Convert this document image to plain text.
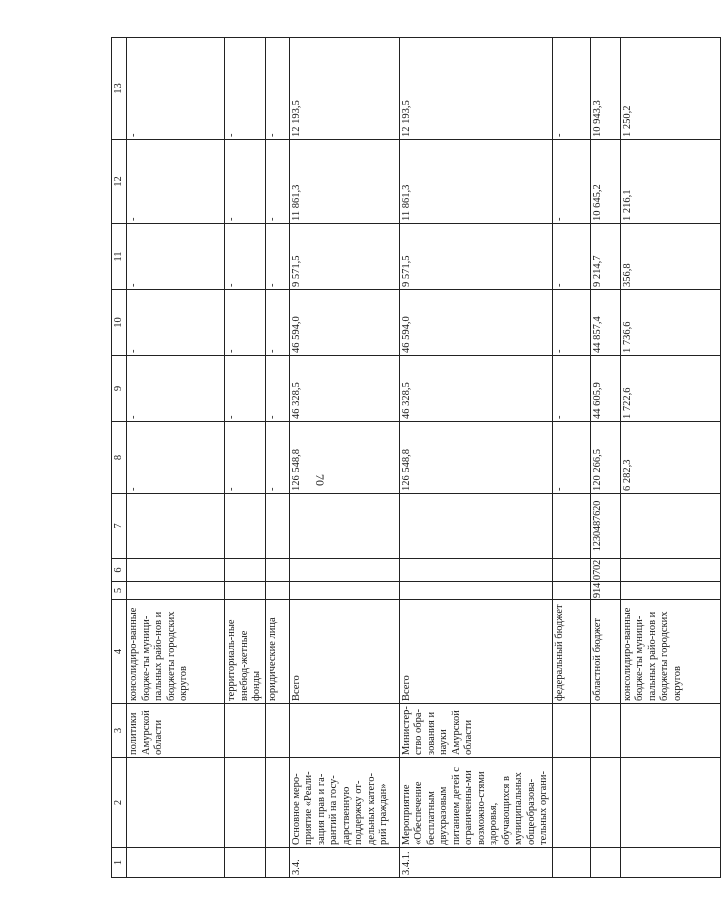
70
1	2	3	4	5	6	7	8	9	10	11	12	13
		политики Амурской области	консолидиро-ванные бюдже-ты муници-пальных райо-нов и бюджеты городских округов				-	-	-	-	-	-
			территориаль-ные внебюд-жетные фонды				-	-	-	-	-	-
			юридические лица				-	-	-	-	-	-
3.4.	Основное меро-приятие «Реали-зация прав и га-рантий на госу-дарственную поддержку от-дельных катего-рий граждан»		Всего				126 548,8	46 328,5	46 594,0	9 571,5	11 861,3	12 193,5
3.4.1.	Мероприятие «Обеспечение бесплатным двухразовым питанием детей с ограниченны-ми возможно-стями здоровья, обучающихся в муниципальных общеобразова-тельных органи-	Министер-ство обра-зования и науки Амурской области	Всего				126 548,8	46 328,5	46 594,0	9 571,5	11 861,3	12 193,5
			федеральный бюджет				-	-	-	-	-	-
			областной бюджет	914	0702	1230487620	120 266,5	44 605,9	44 857,4	9 214,7	10 645,2	10 943,3
			консолидиро-ванные бюдже-ты муници-пальных райо-нов и бюджеты городских округов				6 282,3	1 722,6	1 736,6	356,8	1 216,1	1 250,2
